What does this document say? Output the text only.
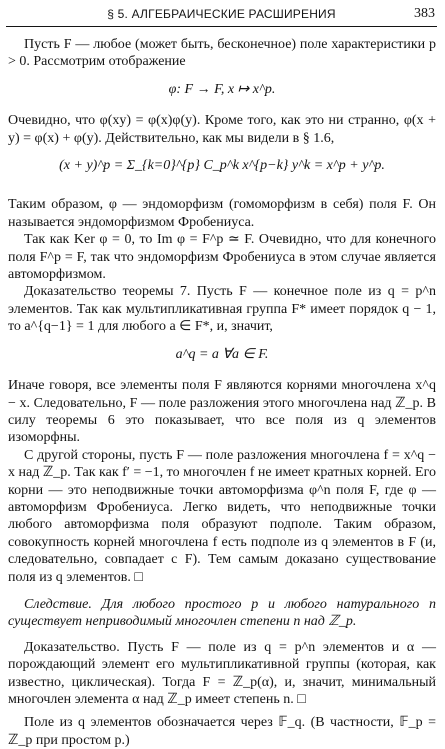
§ 5. АЛГЕБРАИЧЕСКИЕ РАСШИРЕНИЯ	383

Пусть F — любое (может быть, бесконечное) поле характеристики p > 0. Рассмотрим отображение

φ: F → F, x ↦ x^p.

Очевидно, что φ(xy) = φ(x)φ(y). Кроме того, как это ни странно, φ(x + y) = φ(x) + φ(y). Действительно, как мы видели в § 1.6,

(x + y)^p = Σ_{k=0}^{p} C_p^k x^{p−k} y^k = x^p + y^p.

Таким образом, φ — эндоморфизм (гомоморфизм в себя) поля F. Он называется эндоморфизмом Фробениуса.

Так как Ker φ = 0, то Im φ = F^p ≃ F. Очевидно, что для конечного поля F^p = F, так что эндоморфизм Фробениуса в этом случае является автоморфизмом.

Доказательство теоремы 7. Пусть F — конечное поле из q = p^n элементов. Так как мультипликативная группа F* имеет порядок q − 1, то a^{q−1} = 1 для любого a ∈ F*, и, значит,

a^q = a ∀a ∈ F.

Иначе говоря, все элементы поля F являются корнями многочлена x^q − x. Следовательно, F — поле разложения этого многочлена над ℤ_p. В силу теоремы 6 это показывает, что все поля из q элементов изоморфны.

С другой стороны, пусть F — поле разложения многочлена f = x^q − x над ℤ_p. Так как f′ = −1, то многочлен f не имеет кратных корней. Его корни — это неподвижные точки автоморфизма φ^n поля F, где φ — автоморфизм Фробениуса. Легко видеть, что неподвижные точки любого автоморфизма поля образуют подполе. Таким образом, совокупность корней многочлена f есть подполе из q элементов в F (и, следовательно, совпадает с F). Тем самым доказано существование поля из q элементов. □

Следствие. Для любого простого p и любого натурального n существует неприводимый многочлен степени n над ℤ_p.

Доказательство. Пусть F — поле из q = p^n элементов и α — порождающий элемент его мультипликативной группы (которая, как известно, циклическая). Тогда F = ℤ_p(α), и, значит, минимальный многочлен элемента α над ℤ_p имеет степень n. □

Поле из q элементов обозначается через 𝔽_q. (В частности, 𝔽_p = ℤ_p при простом p.)
